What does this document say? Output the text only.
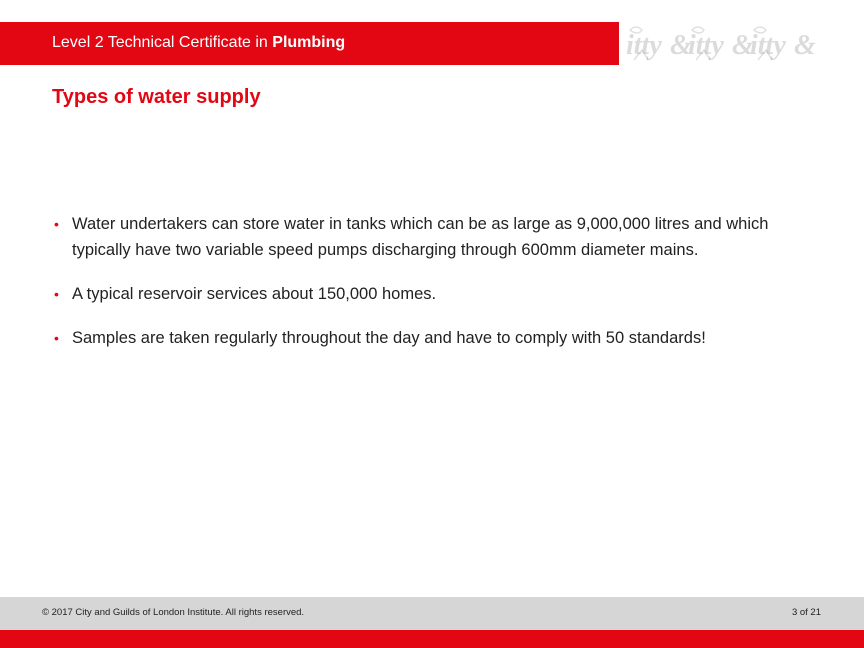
Level 2 Technical Certificate in Plumbing	itty &
itty &
itty &
Types of water supply
• Water undertakers can store water in tanks which can be as large as 9,000,000 litres and which typically have two variable speed pumps discharging through 600mm diameter mains.
• A typical reservoir services about 150,000 homes.
• Samples are taken regularly throughout the day and have to comply with 50 standards!
© 2017 City and Guilds of London Institute. All rights reserved.	3 of 21
